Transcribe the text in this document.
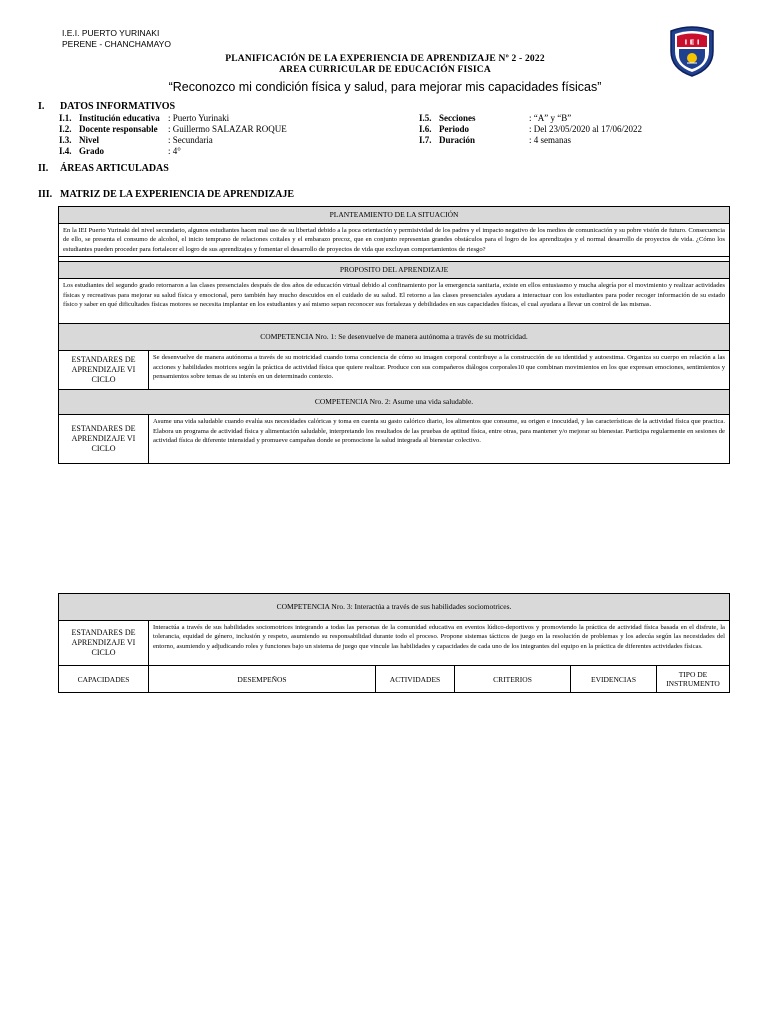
I.E.I. PUERTO YURINAKI
PERENE - CHANCHAMAYO	I E I
PLANIFICACIÓN DE LA EXPERIENCIA DE APRENDIZAJE Nº 2 - 2022
AREA CURRICULAR DE EDUCACIÓN FISICA
“Reconozco mi condición física y salud, para mejorar mis capacidades físicas”
I. DATOS INFORMATIVOS
I.1. Institución educativa : Puerto Yurinaki
I.2. Docente responsable : Guillermo SALAZAR ROQUE
I.3. Nivel	: Secundaria
I.4. Grado	: 4°
I.5. Secciones	: “A” y “B”
I.6. Periodo	: Del 23/05/2020 al 17/06/2022
I.7. Duración	: 4 semanas
II. ÁREAS ARTICULADAS
III. MATRIZ DE LA EXPERIENCIA DE APRENDIZAJE
PLANTEAMIENTO DE LA SITUACIÓN	
En la IEI Puerto Yurinaki del nivel secundario, algunos estudiantes hacen mal uso de su libertad debido a la poca orientación y permisividad de los padres y el impacto negativo de los medios de comunicación y su pobre visión de futuro. Consecuencia de ello, se presenta el consumo de alcohol, el inicio temprano de relaciones coitales y el embarazo precoz, que en conjunto representan grandes obstáculos para el logro de los aprendizajes y el normal desarrollo de proyectos de vida. ¿Cómo los estudiantes pueden proceder para fortalecer el logro de sus aprendizajes y fomentar el desarrollo de proyectos de vida que excluyan comportamientos de riesgo?	

PROPOSITO DEL APRENDIZAJE	
Los estudiantes del segundo grado retornaron a las clases presenciales después de dos años de educación virtual debido al confinamiento por la emergencia sanitaria, existe en ellos entusiasmo y mucha alegría por el movimiento y realizar actividades físicas y recreativas para mejorar su salud física y emocional, pero también hay mucho descuidos en el cuidado de su salud. El retorno a las clases presenciales ayudara a interactuar con los estudiantes para poder recoger información de su estado físico y saber en qué dificultades físicas motores se necesita implantar en los estudiantes y así mismo sepan reconocer sus fortalezas y debilidades en sus capacidades físicas, el cual ayudara a llevar un control de las mismas.	
COMPETENCIA Nro. 1: Se desenvuelve de manera autónoma a través de su motricidad.	
ESTANDARES DE APRENDIZAJE VI CICLO	Se desenvuelve de manera autónoma a través de su motricidad cuando toma conciencia de cómo su imagen corporal contribuye a la construcción de su identidad y autoestima. Organiza su cuerpo en relación a las acciones y habilidades motrices según la práctica de actividad física que quiere realizar. Produce con sus compañeros diálogos corporales10 que combinan movimientos en los que expresan emociones, sentimientos y pensamientos sobre temas de su interés en un determinado contexto.
COMPETENCIA Nro. 2: Asume una vida saludable.	
ESTANDARES DE APRENDIZAJE VI CICLO	Asume una vida saludable cuando evalúa sus necesidades calóricas y toma en cuenta su gasto calórico diario, los alimentos que consume, su origen e inocuidad, y las características de la actividad física que practica. Elabora un programa de actividad física y alimentación saludable, interpretando los resultados de las pruebas de aptitud física, entre otras, para mantener y/o mejorar su bienestar. Participa regularmente en sesiones de actividad física de diferente intensidad y promueve campañas donde se promocione la salud integrada al bienestar colectivo.
COMPETENCIA Nro. 3: Interactúa a través de sus habilidades sociomotrices.					
ESTANDARES DE APRENDIZAJE VI CICLO	Interactúa a través de sus habilidades sociomotrices integrando a todas las personas de la comunidad educativa en eventos lúdico-deportivos y promoviendo la práctica de actividad física basada en el disfrute, la tolerancia, equidad de género, inclusión y respeto, asumiendo su responsabilidad durante todo el proceso. Propone sistemas tácticos de juego en la resolución de problemas y los adecúa según las necesidades del entorno, asumiendo y adjudicando roles y funciones bajo un sistema de juego que vincule las habilidades y capacidades de cada uno de los integrantes del equipo en la práctica de diferentes actividades físicas.				
CAPACIDADES	DESEMPEÑOS	ACTIVIDADES	CRITERIOS	EVIDENCIAS	TIPO DE INSTRUMENTO
